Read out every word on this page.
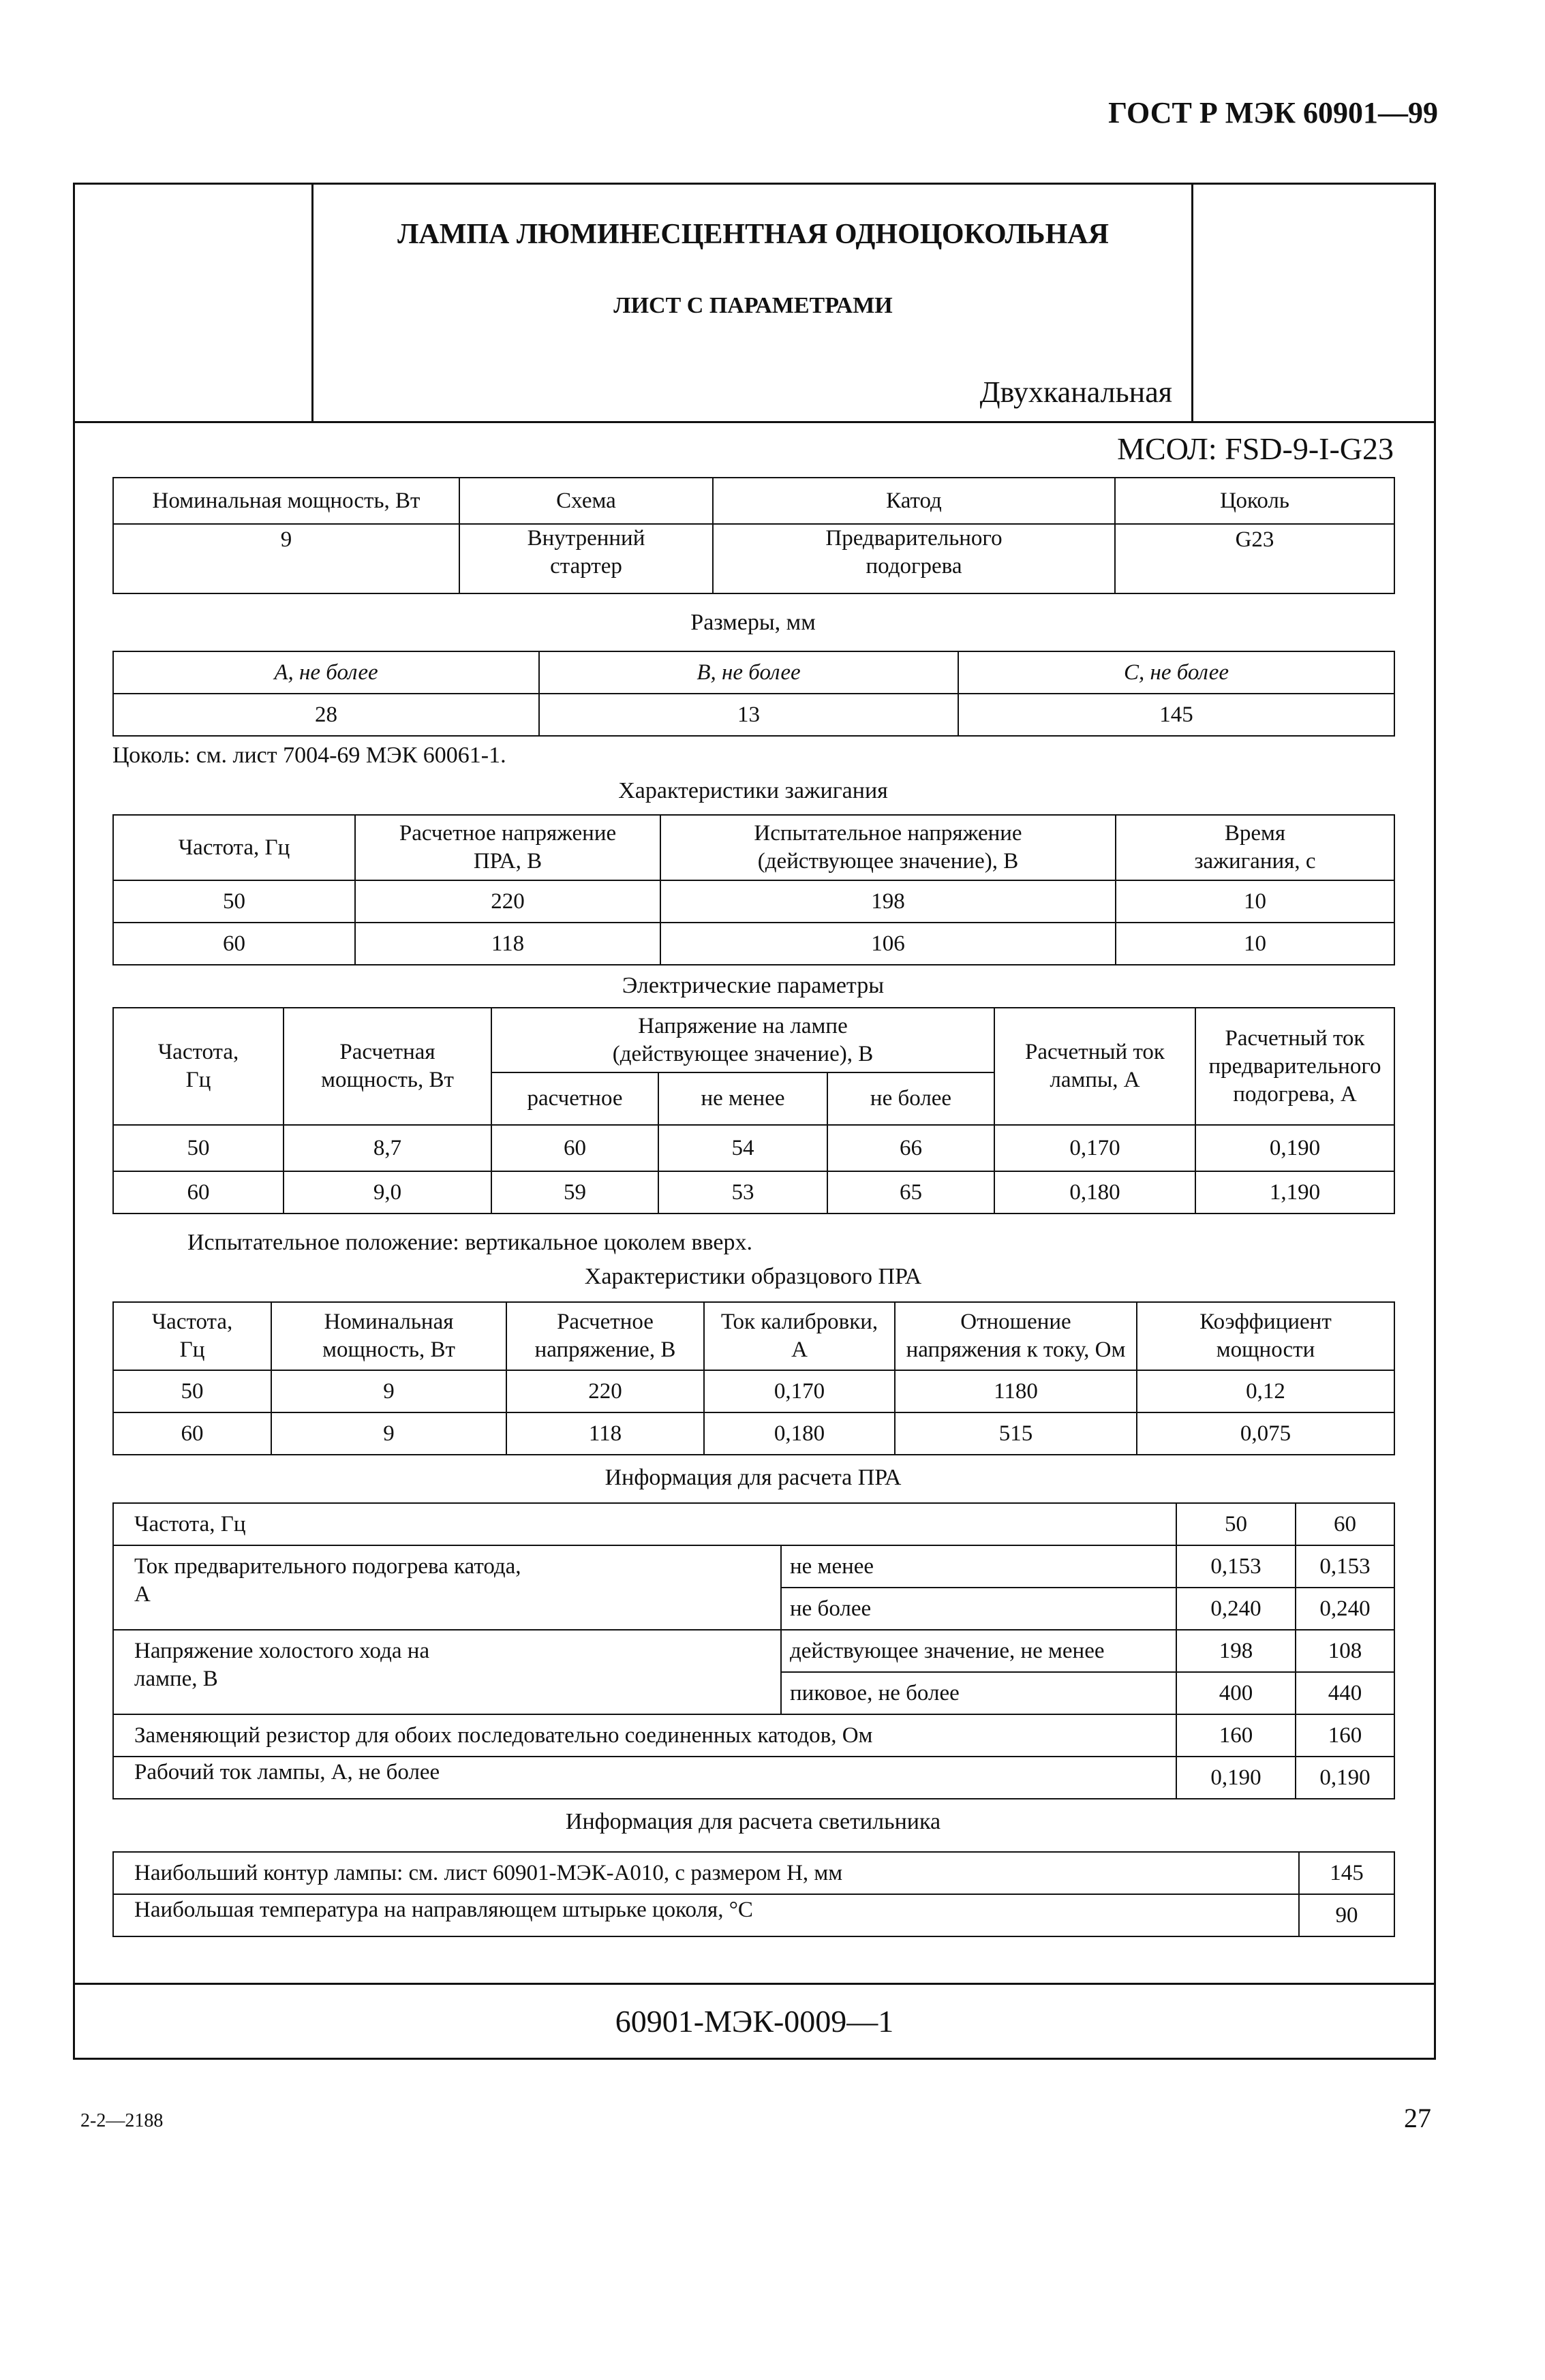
ГОСТ Р МЭК 60901—99
ЛАМПА ЛЮМИНЕСЦЕНТНАЯ ОДНОЦОКОЛЬНАЯ
ЛИСТ С ПАРАМЕТРАМИ
Двухканальная
МСОЛ: FSD-9-I-G23
Номинальная мощность, Вт	Схема	Катод	Цоколь
9	Внутренний стартер	Предварительного подогрева	G23
Размеры, мм
А, не более	В, не более	С, не более
28	13	145
Цоколь: см. лист 7004-69 МЭК 60061-1.
Характеристики зажигания
Частота, Гц	Расчетное напряжение ПРА, В	Испытательное напряжение (действующее значение), В	Время зажигания, с
50	220	198	10
60	118	106	10
Электрические параметры
Частота, Гц	Расчетная мощность, Вт	Напряжение на лампе (действующее значение), В			Расчетный ток лампы, А	Расчетный ток предварительного подогрева, А
		расчетное	не менее	не более		
50	8,7	60	54	66	0,170	0,190
60	9,0	59	53	65	0,180	1,190
Испытательное положение: вертикальное цоколем вверх.
Характеристики образцового ПРА
Частота, Гц	Номинальная мощность, Вт	Расчетное напряжение, В	Ток калибровки, А	Отношение напряжения к току, Ом	Коэффициент мощности
50	9	220	0,170	1180	0,12
60	9	118	0,180	515	0,075
Информация для расчета ПРА
Частота, Гц		50	60
Ток предварительного подогрева катода, А	не менее	0,153	0,153
	не более	0,240	0,240
Напряжение холостого хода на лампе, В	действующее значение, не менее	198	108
	пиковое, не более	400	440
Заменяющий резистор для обоих последовательно соединенных катодов, Ом		160	160
Рабочий ток лампы, А, не более		0,190	0,190
Информация для расчета светильника
Наибольший контур лампы: см. лист 60901-МЭК-А010, с размером Н, мм	145
Наибольшая температура на направляющем штырьке цоколя, °С	90
60901-МЭК-0009—1
2-2—2188	27
